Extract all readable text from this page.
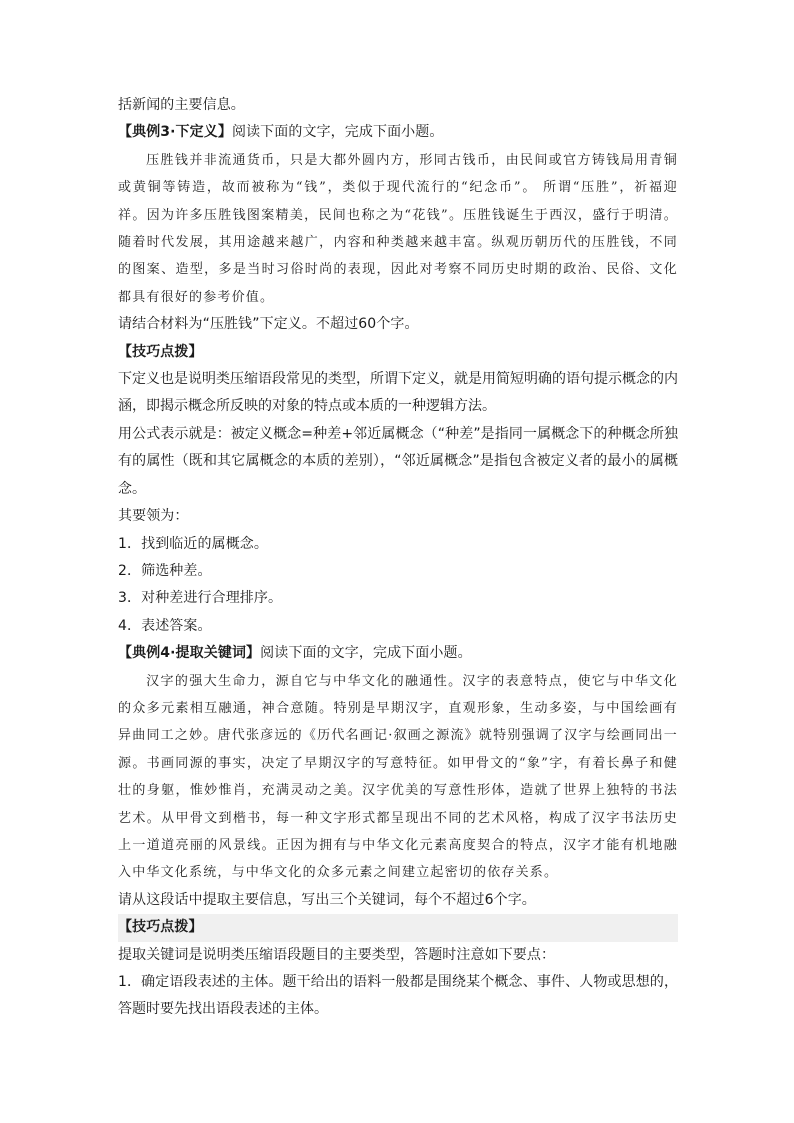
括新闻的主要信息。
【典例3·下定义】阅读下面的文字，完成下面小题。
压胜钱并非流通货币，只是大都外圆内方，形同古钱币，由民间或官方铸钱局用青铜或黄铜等铸造，故而被称为“钱”，类似于现代流行的“纪念币”。 所谓“压胜”，祈福迎祥。因为许多压胜钱图案精美，民间也称之为“花钱”。压胜钱诞生于西汉，盛行于明清。随着时代发展，其用途越来越广，内容和种类越来越丰富。纵观历朝历代的压胜钱，不同的图案、造型，多是当时习俗时尚的表现，因此对考察不同历史时期的政治、民俗、文化都具有很好的参考价值。
请结合材料为“压胜钱”下定义。不超过60个字。
【技巧点拨】
下定义也是说明类压缩语段常见的类型，所谓下定义，就是用简短明确的语句提示概念的内涵，即揭示概念所反映的对象的特点或本质的一种逻辑方法。
用公式表示就是：被定义概念=种差+邻近属概念（“种差”是指同一属概念下的种概念所独有的属性（既和其它属概念的本质的差别），“邻近属概念”是指包含被定义者的最小的属概念。
其要领为：
1．找到临近的属概念。
2．筛选种差。
3．对种差进行合理排序。
4．表述答案。
【典例4·提取关键词】阅读下面的文字，完成下面小题。
汉字的强大生命力，源自它与中华文化的融通性。汉字的表意特点，使它与中华文化的众多元素相互融通，神合意随。特别是早期汉字，直观形象，生动多姿，与中国绘画有异曲同工之妙。唐代张彦远的《历代名画记·叙画之源流》就特别强调了汉字与绘画同出一源。书画同源的事实，决定了早期汉字的写意特征。如甲骨文的“象”字，有着长鼻子和健壮的身躯，惟妙惟肖，充满灵动之美。汉字优美的写意性形体，造就了世界上独特的书法艺术。从甲骨文到楷书，每一种文字形式都呈现出不同的艺术风格，构成了汉字书法历史上一道道亮丽的风景线。正因为拥有与中华文化元素高度契合的特点，汉字才能有机地融入中华文化系统，与中华文化的众多元素之间建立起密切的依存关系。
请从这段话中提取主要信息，写出三个关键词，每个不超过6个字。
【技巧点拨】
提取关键词是说明类压缩语段题目的主要类型，答题时注意如下要点：
1．确定语段表述的主体。题干给出的语料一般都是围绕某个概念、事件、人物或思想的，答题时要先找出语段表述的主体。
